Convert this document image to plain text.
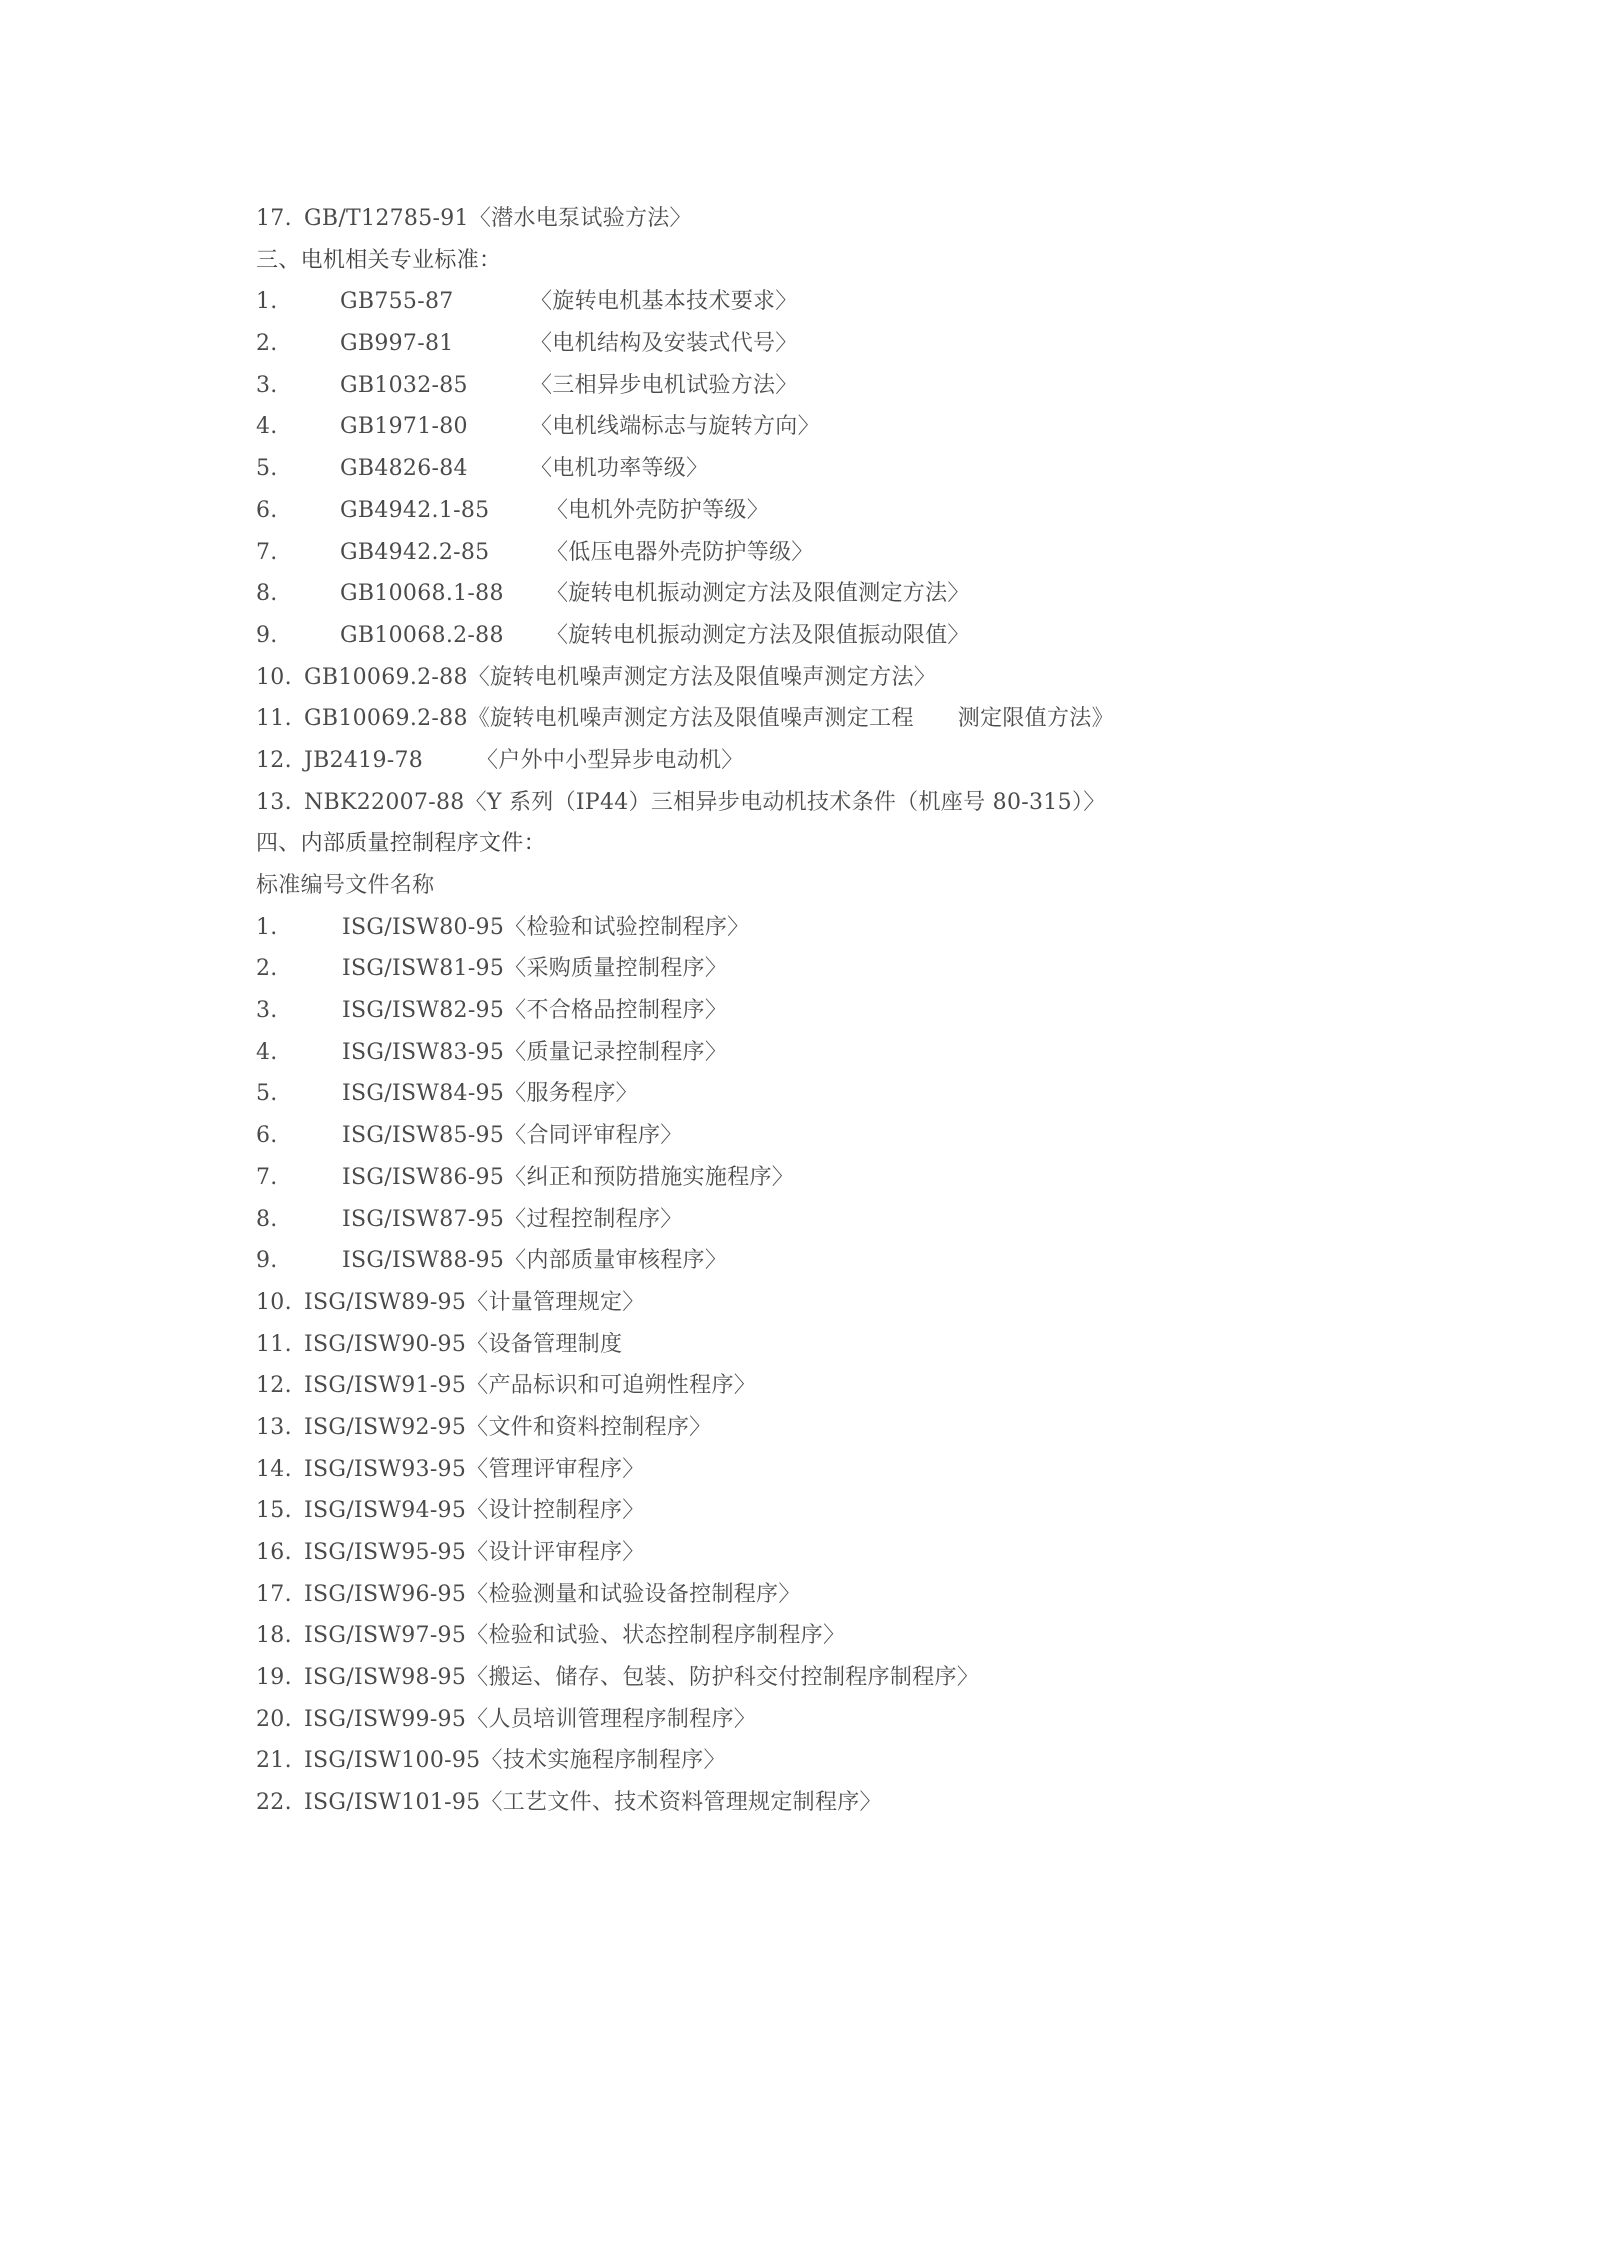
17. GB/T12785-91〈潜水电泵试验方法〉
三、电机相关专业标准：
1.	GB755-87	〈旋转电机基本技术要求〉
2.	GB997-81	〈电机结构及安装式代号〉
3.	GB1032-85	〈三相异步电机试验方法〉
4.	GB1971-80	〈电机线端标志与旋转方向〉
5.	GB4826-84	〈电机功率等级〉
6.	GB4942.1-85	〈电机外壳防护等级〉
7.	GB4942.2-85	〈低压电器外壳防护等级〉
8.	GB10068.1-88 〈旋转电机振动测定方法及限值测定方法〉
9.	GB10068.2-88 〈旋转电机振动测定方法及限值振动限值〉
10. GB10069.2-88〈旋转电机噪声测定方法及限值噪声测定方法〉
11. GB10069.2-88《旋转电机噪声测定方法及限值噪声测定工程 测定限值方法》
12. JB2419-78 〈户外中小型异步电动机〉
13. NBK22007-88〈Y 系列（IP44）三相异步电动机技术条件（机座号 80-315）〉
四、内部质量控制程序文件：
标准编号文件名称
1.	ISG/ISW80-95〈检验和试验控制程序〉
2.	ISG/ISW81-95〈采购质量控制程序〉
3.	ISG/ISW82-95〈不合格品控制程序〉
4.	ISG/ISW83-95〈质量记录控制程序〉
5.	ISG/ISW84-95〈服务程序〉
6.	ISG/ISW85-95〈合同评审程序〉
7.	ISG/ISW86-95〈纠正和预防措施实施程序〉
8.	ISG/ISW87-95〈过程控制程序〉
9.	ISG/ISW88-95〈内部质量审核程序〉
10. ISG/ISW89-95〈计量管理规定〉
11. ISG/ISW90-95〈设备管理制度
12. ISG/ISW91-95〈产品标识和可追朔性程序〉
13. ISG/ISW92-95〈文件和资料控制程序〉
14. ISG/ISW93-95〈管理评审程序〉
15. ISG/ISW94-95〈设计控制程序〉
16. ISG/ISW95-95〈设计评审程序〉
17. ISG/ISW96-95〈检验测量和试验设备控制程序〉
18. ISG/ISW97-95〈检验和试验、状态控制程序制程序〉
19. ISG/ISW98-95〈搬运、储存、包装、防护科交付控制程序制程序〉
20. ISG/ISW99-95〈人员培训管理程序制程序〉
21. ISG/ISW100-95〈技术实施程序制程序〉
22. ISG/ISW101-95〈工艺文件、技术资料管理规定制程序〉
